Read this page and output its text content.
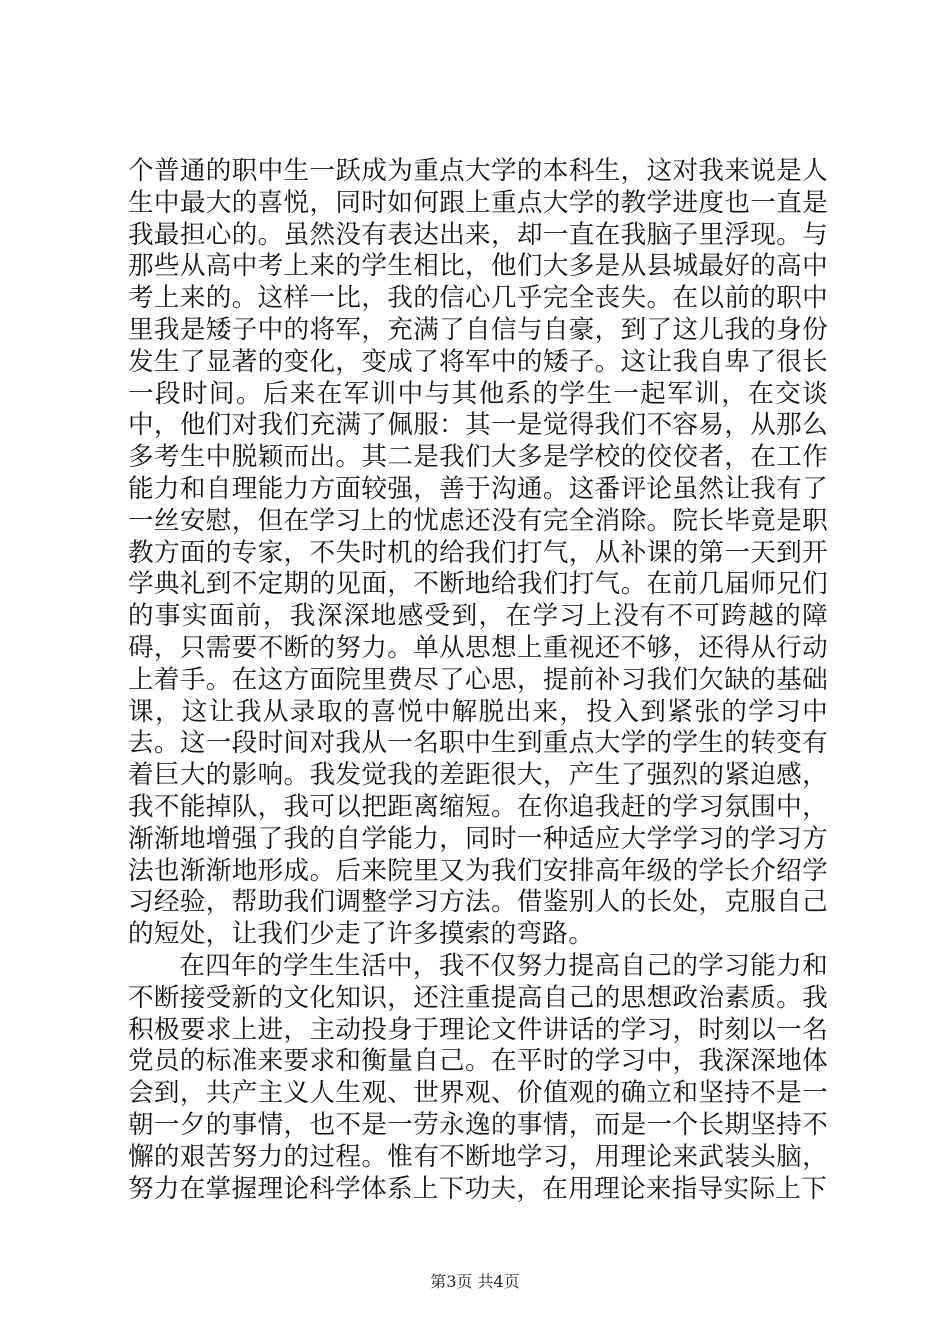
个普通的职中生一跃成为重点大学的本科生，这对我来说是人生中最大的喜悦，同时如何跟上重点大学的教学进度也一直是我最担心的。虽然没有表达出来，却一直在我脑子里浮现。与那些从高中考上来的学生相比，他们大多是从县城最好的高中考上来的。这样一比，我的信心几乎完全丧失。在以前的职中里我是矮子中的将军，充满了自信与自豪，到了这儿我的身份发生了显著的变化，变成了将军中的矮子。这让我自卑了很长一段时间。后来在军训中与其他系的学生一起军训，在交谈中，他们对我们充满了佩服：其一是觉得我们不容易，从那么多考生中脱颖而出。其二是我们大多是学校的佼佼者，在工作能力和自理能力方面较强，善于沟通。这番评论虽然让我有了一丝安慰，但在学习上的忧虑还没有完全消除。院长毕竟是职教方面的专家，不失时机的给我们打气，从补课的第一天到开学典礼到不定期的见面，不断地给我们打气。在前几届师兄们的事实面前，我深深地感受到，在学习上没有不可跨越的障碍，只需要不断的努力。单从思想上重视还不够，还得从行动上着手。在这方面院里费尽了心思，提前补习我们欠缺的基础课，这让我从录取的喜悦中解脱出来，投入到紧张的学习中去。这一段时间对我从一名职中生到重点大学的学生的转变有着巨大的影响。我发觉我的差距很大，产生了强烈的紧迫感，我不能掉队，我可以把距离缩短。在你追我赶的学习氛围中，渐渐地增强了我的自学能力，同时一种适应大学学习的学习方法也渐渐地形成。后来院里又为我们安排高年级的学长介绍学习经验，帮助我们调整学习方法。借鉴别人的长处，克服自己的短处，让我们少走了许多摸索的弯路。

在四年的学生生活中，我不仅努力提高自己的学习能力和不断接受新的文化知识，还注重提高自己的思想政治素质。我积极要求上进，主动投身于理论文件讲话的学习，时刻以一名党员的标准来要求和衡量自己。在平时的学习中，我深深地体会到，共产主义人生观、世界观、价值观的确立和坚持不是一朝一夕的事情，也不是一劳永逸的事情，而是一个长期坚持不懈的艰苦努力的过程。惟有不断地学习，用理论来武装头脑，努力在掌握理论科学体系上下功夫，在用理论来指导实际上下

第3页 共4页
